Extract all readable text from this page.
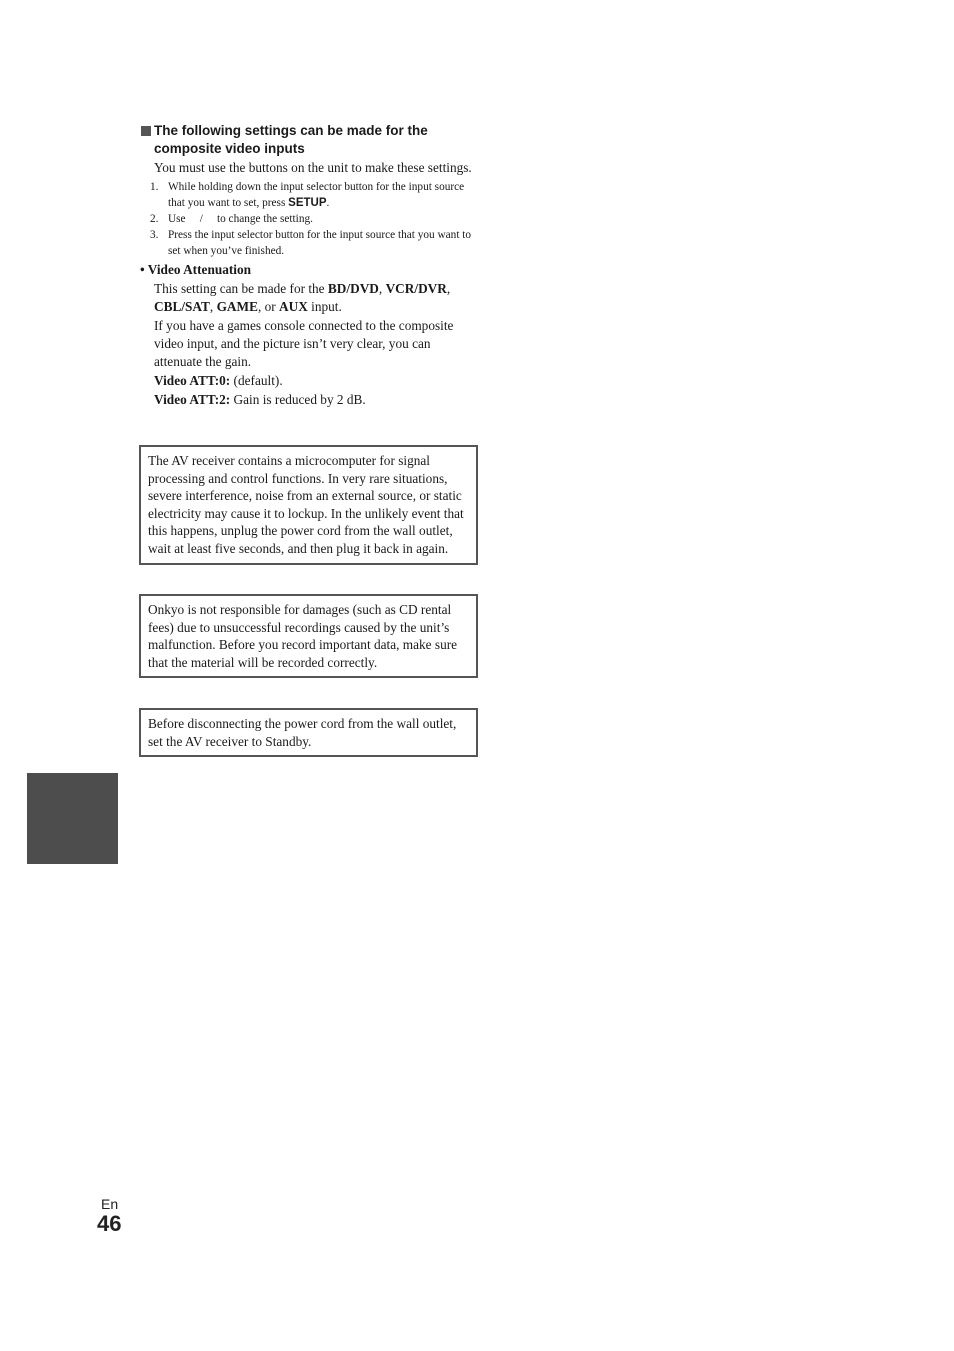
The following settings can be made for the
composite video inputs

You must use the buttons on the unit to make these settings.

1. While holding down the input selector button for the input source that you want to set, press SETUP.
2. Use     /     to change the setting.
3. Press the input selector button for the input source that you want to set when you’ve finished.
• Video Attenuation

This setting can be made for the BD/DVD, VCR/DVR, CBL/SAT, GAME, or AUX input.

If you have a games console connected to the composite video input, and the picture isn’t very clear, you can attenuate the gain.

Video ATT:0: (default).

Video ATT:2: Gain is reduced by 2 dB.

The AV receiver contains a microcomputer for signal processing and control functions. In very rare situations, severe interference, noise from an external source, or static electricity may cause it to lockup. In the unlikely event that this happens, unplug the power cord from the wall outlet, wait at least five seconds, and then plug it back in again.
Onkyo is not responsible for damages (such as CD rental fees) due to unsuccessful recordings caused by the unit’s malfunction. Before you record important data, make sure that the material will be recorded correctly.
Before disconnecting the power cord from the wall outlet, set the AV receiver to Standby.
En
46
